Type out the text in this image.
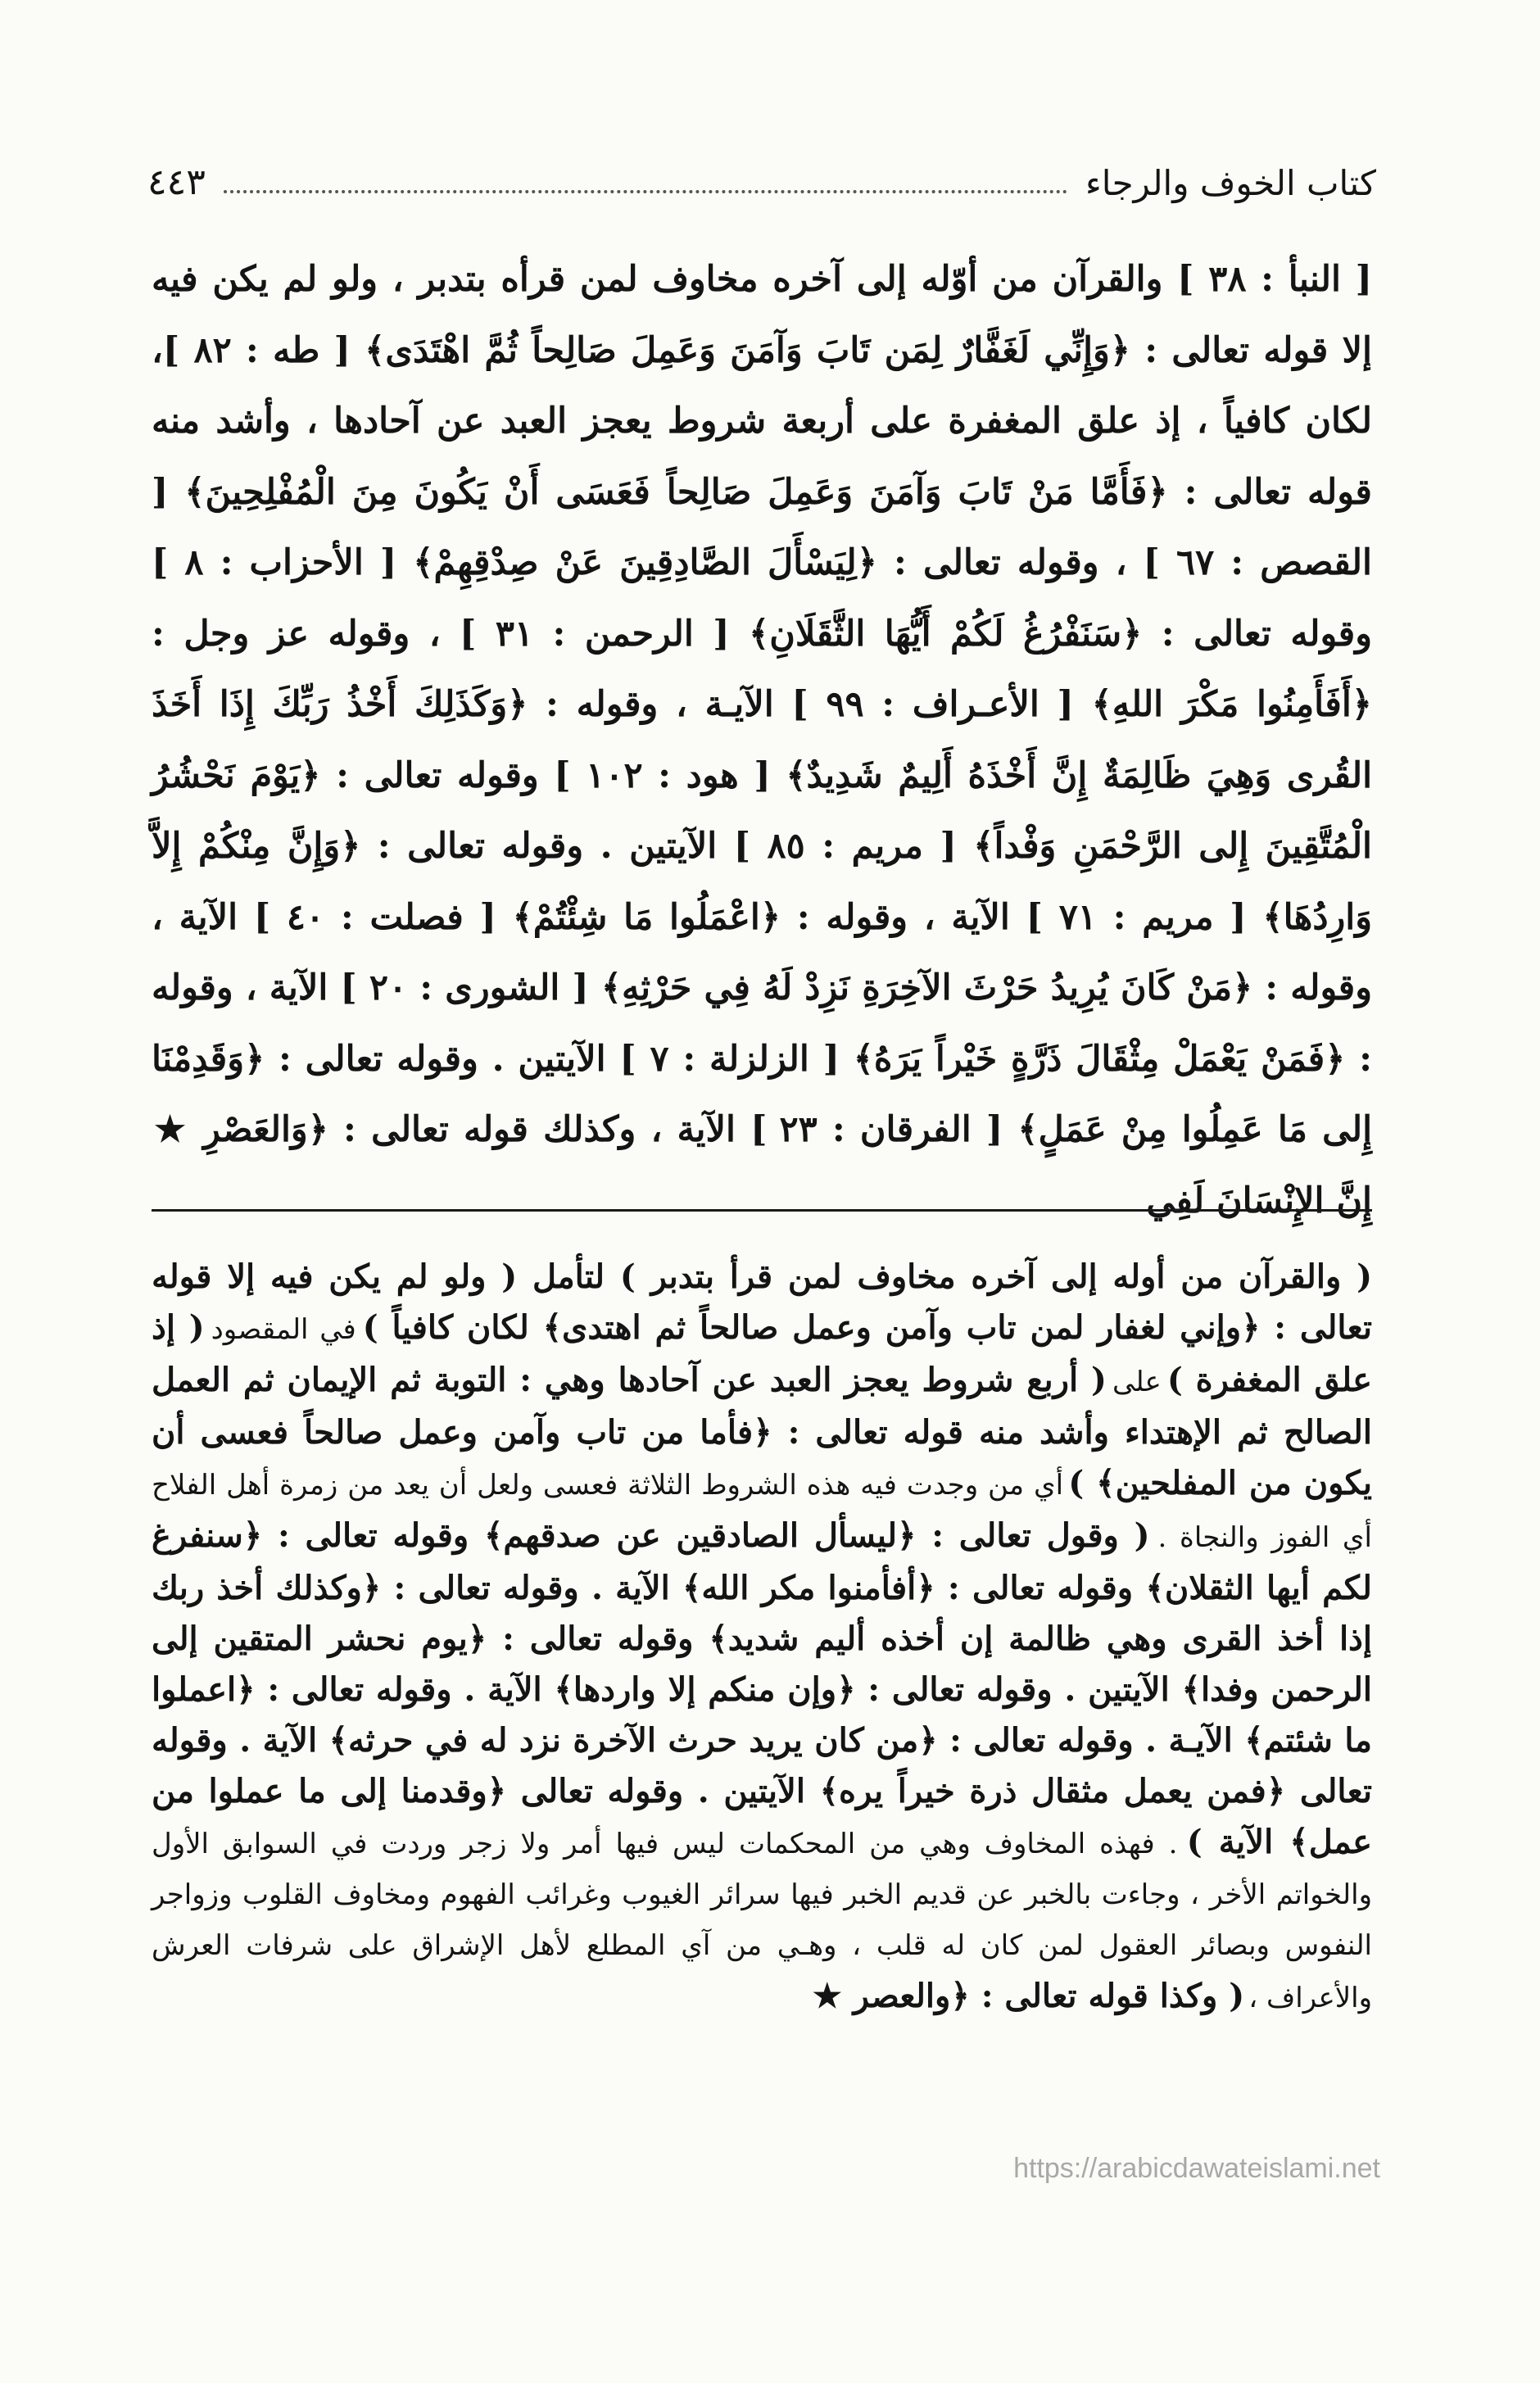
كتاب الخوف والرجاء
٤٤٣

[ النبأ : ٣٨ ] والقرآن من أوّله إلى آخره مخاوف لمن قرأه بتدبر ، ولو لم يكن فيه إلا قوله تعالى : ﴿وَإِنِّي لَغَفَّارٌ لِمَن تَابَ وَآمَنَ وَعَمِلَ صَالِحاً ثُمَّ اهْتَدَى﴾ [ طه : ٨٢ ]، لكان كافياً ، إذ علق المغفرة على أربعة شروط يعجز العبد عن آحادها ، وأشد منه قوله تعالى : ﴿فَأَمَّا مَنْ تَابَ وَآمَنَ وَعَمِلَ صَالِحاً فَعَسَى أَنْ يَكُونَ مِنَ الْمُفْلِحِينَ﴾ [ القصص : ٦٧ ] ، وقوله تعالى : ﴿لِيَسْأَلَ الصَّادِقِينَ عَنْ صِدْقِهِمْ﴾ [ الأحزاب : ٨ ] وقوله تعالى : ﴿سَنَفْرُغُ لَكُمْ أَيُّهَا الثَّقَلَانِ﴾ [ الرحمن : ٣١ ] ، وقوله عز وجل : ﴿أَفَأَمِنُوا مَكْرَ اللهِ﴾ [ الأعـراف : ٩٩ ] الآيـة ، وقوله : ﴿وَكَذَلِكَ أَخْذُ رَبِّكَ إِذَا أَخَذَ القُرى وَهِيَ ظَالِمَةٌ إِنَّ أَخْذَهُ أَلِيمٌ شَدِيدٌ﴾ [ هود : ١٠٢ ] وقوله تعالى : ﴿يَوْمَ نَحْشُرُ الْمُتَّقِينَ إِلى الرَّحْمَنِ وَفْداً﴾ [ مريم : ٨٥ ] الآيتين . وقوله تعالى : ﴿وَإِنَّ مِنْكُمْ إِلاَّ وَارِدُهَا﴾ [ مريم : ٧١ ] الآية ، وقوله : ﴿اعْمَلُوا مَا شِئْتُمْ﴾ [ فصلت : ٤٠ ] الآية ، وقوله : ﴿مَنْ كَانَ يُرِيدُ حَرْثَ الآخِرَةِ نَزِدْ لَهُ فِي حَرْثِهِ﴾ [ الشورى : ٢٠ ] الآية ، وقوله : ﴿فَمَنْ يَعْمَلْ مِثْقَالَ ذَرَّةٍ خَيْراً يَرَهُ﴾ [ الزلزلة : ٧ ] الآيتين . وقوله تعالى : ﴿وَقَدِمْنَا إِلى مَا عَمِلُوا مِنْ عَمَلٍ﴾ [ الفرقان : ٢٣ ] الآية ، وكذلك قوله تعالى : ﴿وَالعَصْرِ ★ إِنَّ الإِنْسَانَ لَفِي

( والقرآن من أوله إلى آخره مخاوف لمن قرأ بتدبر ) لتأمل ( ولو لم يكن فيه إلا قوله تعالى : ﴿وإني لغفار لمن تاب وآمن وعمل صالحاً ثم اهتدى﴾ لكان كافياً ) في المقصود ( إذ علق المغفرة ) على ( أربع شروط يعجز العبد عن آحادها وهي : التوبة ثم الإيمان ثم العمل الصالح ثم الإهتداء وأشد منه قوله تعالى : ﴿فأما من تاب وآمن وعمل صالحاً فعسى أن يكون من المفلحين﴾ ) أي من وجدت فيه هذه الشروط الثلاثة فعسى ولعل أن يعد من زمرة أهل الفلاح أي الفوز والنجاة . ( وقول تعالى : ﴿ليسأل الصادقين عن صدقهم﴾ وقوله تعالى : ﴿سنفرغ لكم أيها الثقلان﴾ وقوله تعالى : ﴿أفأمنوا مكر الله﴾ الآية . وقوله تعالى : ﴿وكذلك أخذ ربك إذا أخذ القرى وهي ظالمة إن أخذه أليم شديد﴾ وقوله تعالى : ﴿يوم نحشر المتقين إلى الرحمن وفدا﴾ الآيتين . وقوله تعالى : ﴿وإن منكم إلا واردها﴾ الآية . وقوله تعالى : ﴿اعملوا ما شئتم﴾ الآيـة . وقوله تعالى : ﴿من كان يريد حرث الآخرة نزد له في حرثه﴾ الآية . وقوله تعالى ﴿فمن يعمل مثقال ذرة خيراً يره﴾ الآيتين . وقوله تعالى ﴿وقدمنا إلى ما عملوا من عمل﴾ الآية ) . فهذه المخاوف وهي من المحكمات ليس فيها أمر ولا زجر وردت في السوابق الأول والخواتم الأخر ، وجاءت بالخبر عن قديم الخبر فيها سرائر الغيوب وغرائب الفهوم ومخاوف القلوب وزواجر النفوس وبصائر العقول لمن كان له قلب ، وهـي من آي المطلع لأهل الإشراق على شرفات العرش والأعراف ، ( وكذا قوله تعالى : ﴿والعصر ★

https://arabicdawateislami.net
